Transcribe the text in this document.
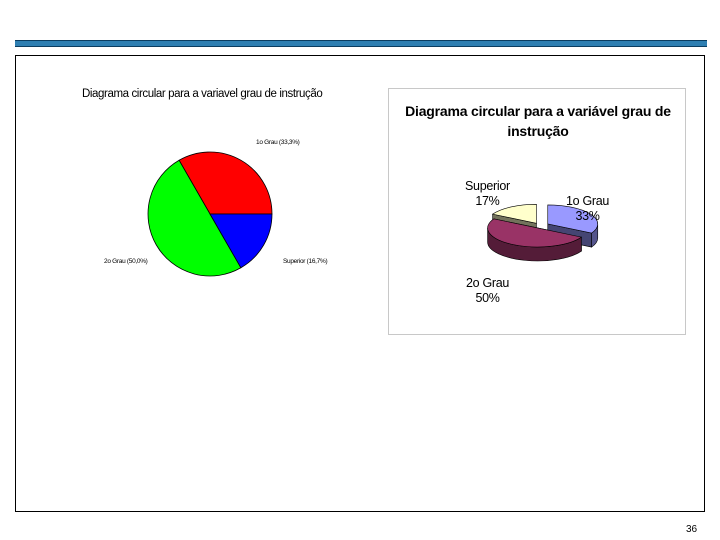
Diagrama circular para a variavel grau de instrução
1o Grau (33,3%)
Superior (16,7%)
2o Grau (50,0%)
Diagrama circular para a variável grau de
instrução
1o Grau
33%
Superior
17%
2o Grau
50%
36
